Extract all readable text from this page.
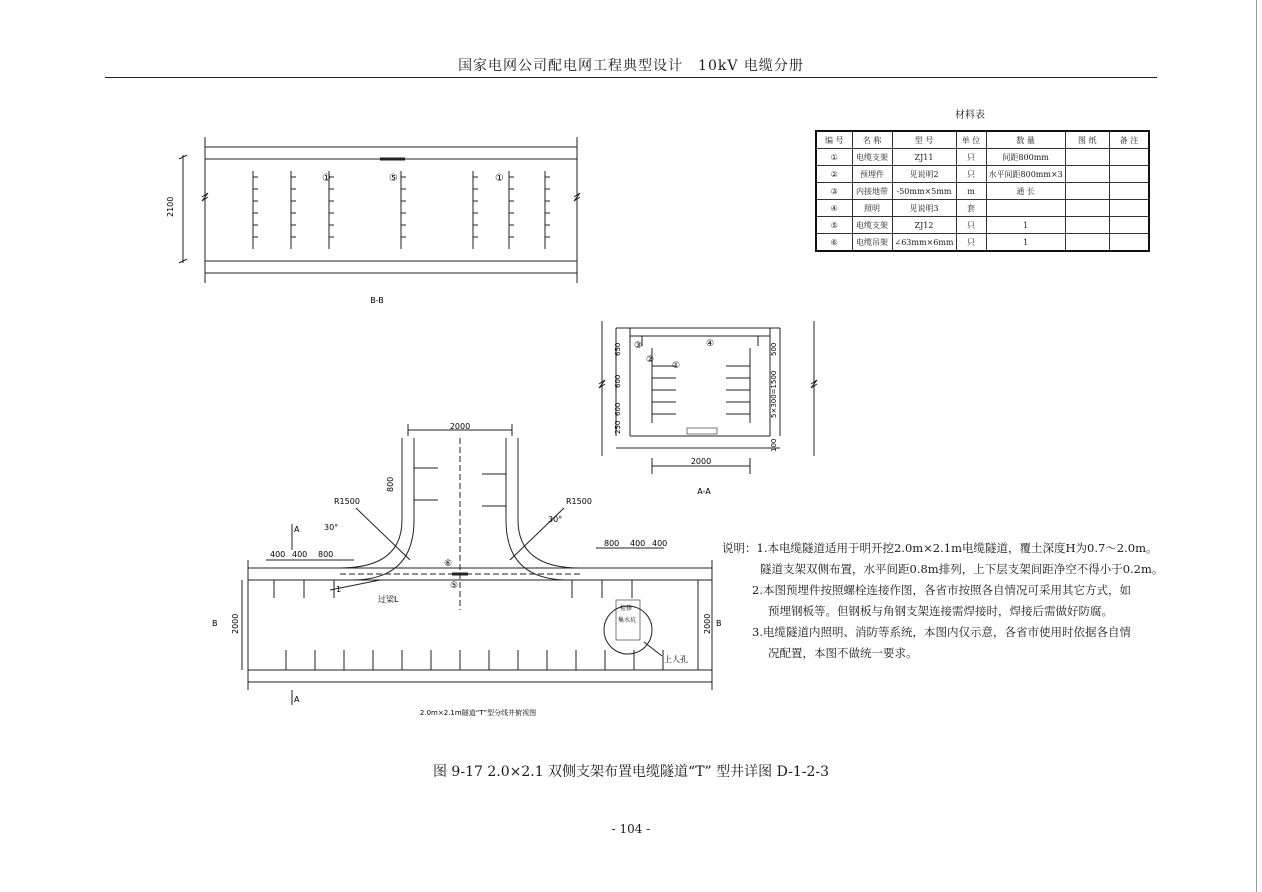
国家电网公司配电网工程典型设计　10kV 电缆分册
材料表
编 号	名 称	型 号	单 位	数 量	图 纸	备 注
①	电缆支架	ZJ11	只	间距800mm		
②	预埋件	见说明2	只	水平间距800mm×3		
③	内接地带	-50mm×5mm	m	通 长		
④	照明	见说明3	套			
⑤	电缆支架	ZJ12	只	1		
⑥	电缆吊架	∠63mm×6mm	只	1		
2100
①	⑤	①
B-B
650
600
600
250
500
5×300=1500
100
③	④
②
①
2000
A-A
2000
800
R1500	R1500
30°
30°
400 400 800
800 400 400
2000	2000
A
A
B	B
⑥
⑤
1
过梁L
检修
集水坑
上人孔
2.0m×2.1m隧道“T”型分线井俯视图
说明：1.本电缆隧道适用于明开挖2.0m×2.1m电缆隧道，覆土深度H为0.7～2.0m。
隧道支架双侧布置，水平间距0.8m排列，上下层支架间距净空不得小于0.2m。
2.本图预埋件按照螺栓连接作图，各省市按照各自情况可采用其它方式，如
预埋钢板等。但钢板与角钢支架连接需焊接时，焊接后需做好防腐。
3.电缆隧道内照明、消防等系统，本图内仅示意，各省市使用时依据各自情
况配置，本图不做统一要求。
图 9-17 2.0×2.1 双侧支架布置电缆隧道“T” 型井详图 D-1-2-3
- 104 -
